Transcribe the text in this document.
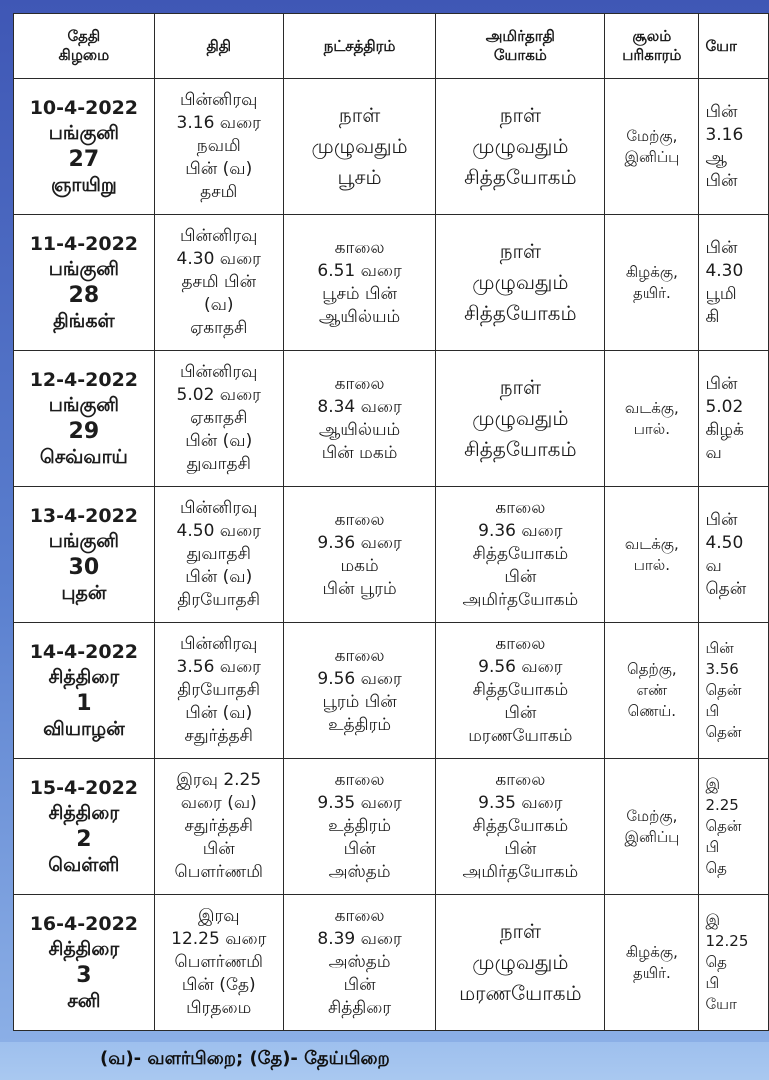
தேதி
கிழமை	திதி	நட்சத்திரம்	அமிர்தாதி
யோகம்	சூலம்
பரிகாரம்	யோ

10-4-2022
பங்குனி
27
ஞாயிறு	பின்னிரவு
3.16 வரை
நவமி
பின் (வ)
தசமி	நாள்
முழுவதும்
பூசம்	நாள்
முழுவதும்
சித்தயோகம்	மேற்கு,
இனிப்பு	பின்
3.16
ஆ
பின்

11-4-2022
பங்குனி
28
திங்கள்	பின்னிரவு
4.30 வரை
தசமி பின்
(வ)
ஏகாதசி	காலை
6.51 வரை
பூசம் பின்
ஆயில்யம்	நாள்
முழுவதும்
சித்தயோகம்	கிழக்கு,
தயிர்.	பின்
4.30
பூமி
கி

12-4-2022
பங்குனி
29
செவ்வாய்	பின்னிரவு
5.02 வரை
ஏகாதசி
பின் (வ)
துவாதசி	காலை
8.34 வரை
ஆயில்யம்
பின் மகம்	நாள்
முழுவதும்
சித்தயோகம்	வடக்கு,
பால்.	பின்
5.02
கிழக்
வ

13-4-2022
பங்குனி
30
புதன்	பின்னிரவு
4.50 வரை
துவாதசி
பின் (வ)
திரயோதசி	காலை
9.36 வரை
மகம்
பின் பூரம்	காலை
9.36 வரை
சித்தயோகம்
பின்
அமிர்தயோகம்	வடக்கு,
பால்.	பின்
4.50
வ
தென்

14-4-2022
சித்திரை
1
வியாழன்	பின்னிரவு
3.56 வரை
திரயோதசி
பின் (வ)
சதுர்த்தசி	காலை
9.56 வரை
பூரம் பின்
உத்திரம்	காலை
9.56 வரை
சித்தயோகம்
பின்
மரணயோகம்	தெற்கு,
எண்
ணெய்.	பின்
3.56
தென்
பி
தென்

15-4-2022
சித்திரை
2
வெள்ளி	இரவு 2.25
வரை (வ)
சதுர்த்தசி
பின்
பௌர்ணமி	காலை
9.35 வரை
உத்திரம்
பின்
அஸ்தம்	காலை
9.35 வரை
சித்தயோகம்
பின்
அமிர்தயோகம்	மேற்கு,
இனிப்பு	இ
2.25
தென்
பி
தெ

16-4-2022
சித்திரை
3
சனி	இரவு
12.25 வரை
பௌர்ணமி
பின் (தே)
பிரதமை	காலை
8.39 வரை
அஸ்தம்
பின்
சித்திரை	நாள்
முழுவதும்
மரணயோகம்	கிழக்கு,
தயிர்.	இ
12.25
தெ
பி
யோ
(வ)- வளர்பிறை; (தே)- தேய்பிறை
